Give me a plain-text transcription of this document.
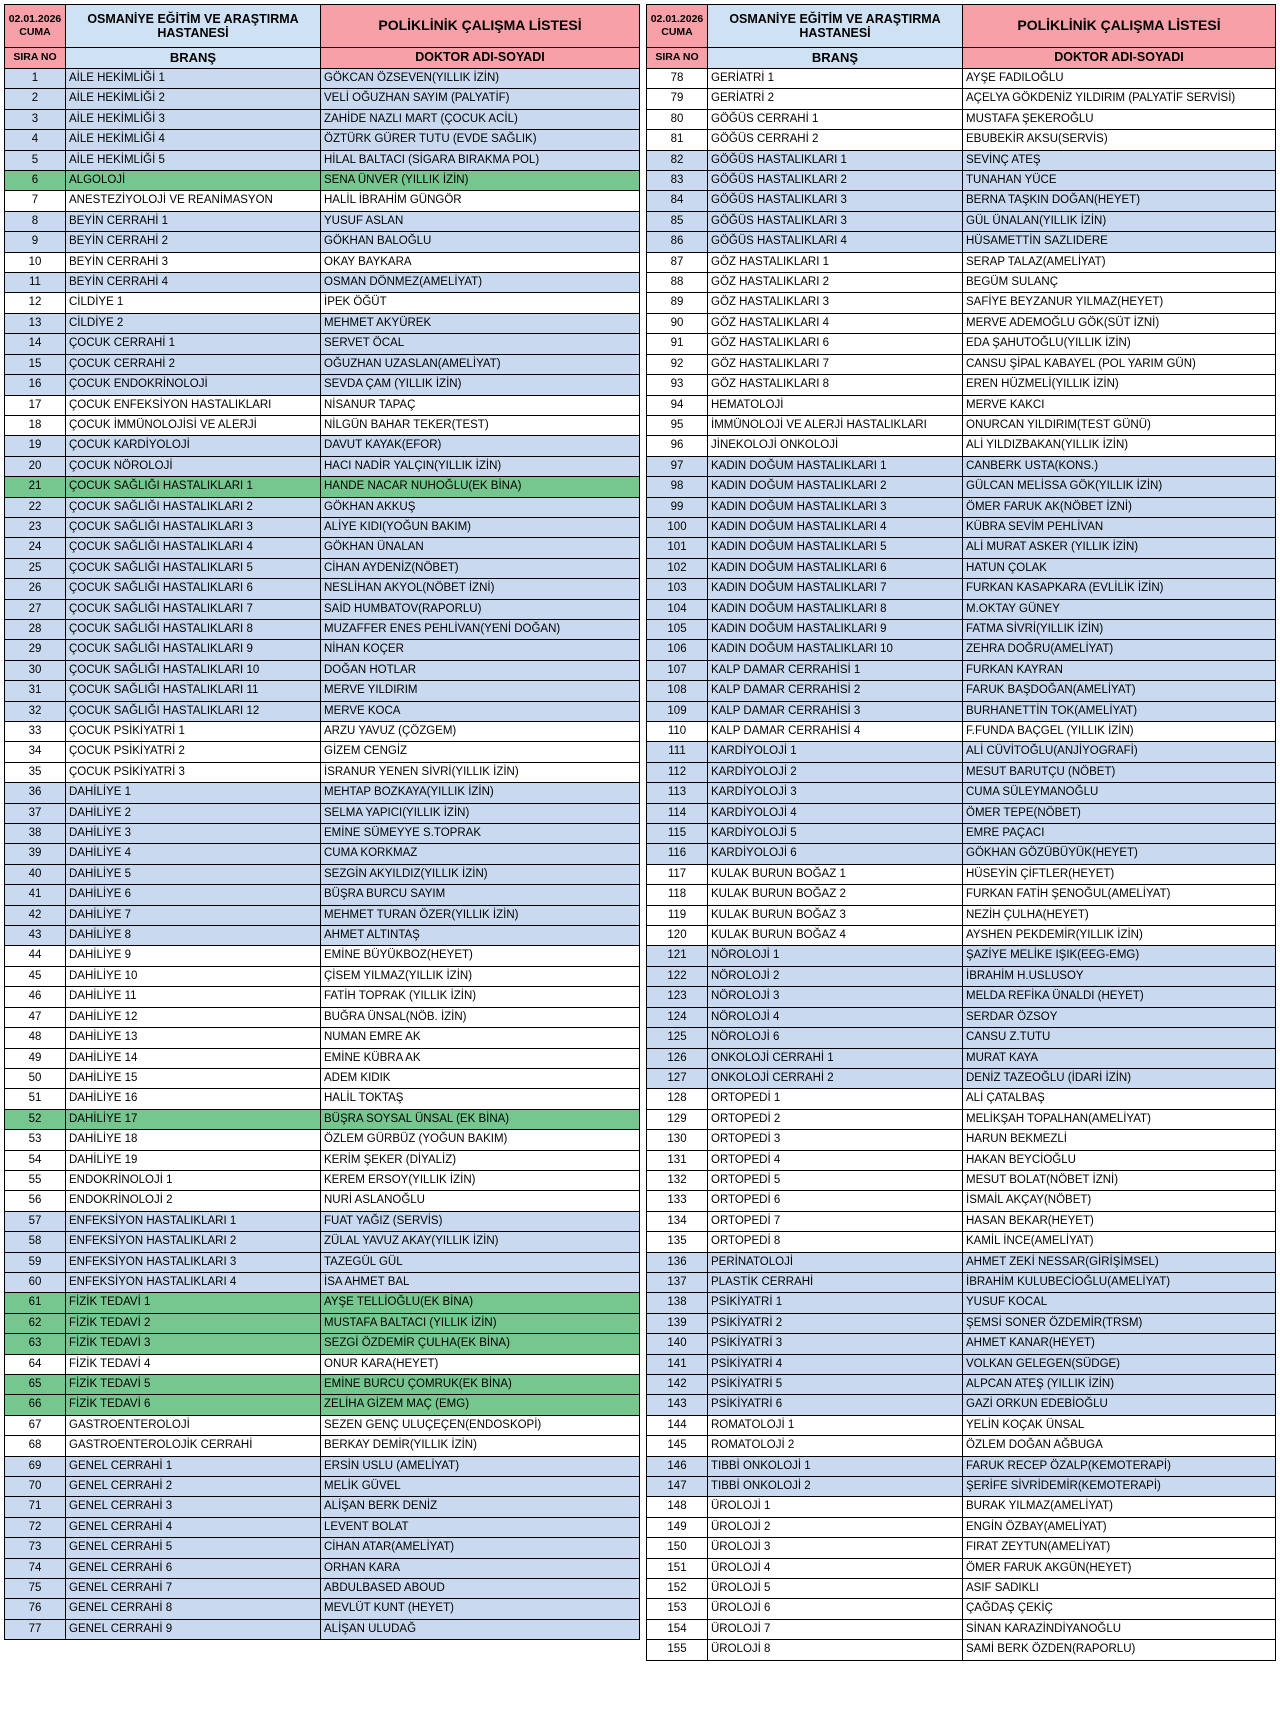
02.01.2026
CUMA	OSMANİYE EĞİTİM VE ARAŞTIRMA HASTANESİ	POLİKLİNİK ÇALIŞMA LİSTESİ
SIRA NO	BRANŞ	DOKTOR ADI-SOYADI
1	AİLE HEKİMLİĞİ 1	GÖKCAN ÖZSEVEN(YILLIK İZİN)
2	AİLE HEKİMLİĞİ 2	VELİ OĞUZHAN SAYIM (PALYATİF)
3	AİLE HEKİMLİĞİ 3	ZAHİDE NAZLI MART (ÇOCUK ACİL)
4	AİLE HEKİMLİĞİ 4	ÖZTÜRK GÜRER TUTU (EVDE SAĞLIK)
5	AİLE HEKİMLİĞİ 5	HİLAL BALTACI (SİGARA BIRAKMA POL)
6	ALGOLOJİ	SENA ÜNVER (YILLIK İZİN)
7	ANESTEZİYOLOJİ VE REANİMASYON	HALİL İBRAHİM GÜNGÖR
8	BEYİN CERRAHİ 1	YUSUF ASLAN
9	BEYİN CERRAHİ 2	GÖKHAN BALOĞLU
10	BEYİN CERRAHİ 3	OKAY BAYKARA
11	BEYİN CERRAHİ 4	OSMAN DÖNMEZ(AMELİYAT)
12	CİLDİYE 1	İPEK ÖĞÜT
13	CİLDİYE 2	MEHMET AKYÜREK
14	ÇOCUK CERRAHİ 1	SERVET ÖCAL
15	ÇOCUK CERRAHİ 2	OĞUZHAN UZASLAN(AMELİYAT)
16	ÇOCUK ENDOKRİNOLOJİ	SEVDA ÇAM (YILLIK İZİN)
17	ÇOCUK ENFEKSİYON HASTALIKLARI	NİSANUR TAPAÇ
18	ÇOCUK İMMÜNOLOJİSİ VE ALERJİ	NİLGÜN BAHAR TEKER(TEST)
19	ÇOCUK KARDİYOLOJİ	DAVUT KAYAK(EFOR)
20	ÇOCUK NÖROLOJİ	HACI NADİR YALÇIN(YILLIK İZİN)
21	ÇOCUK SAĞLIĞI HASTALIKLARI 1	HANDE NACAR NUHOĞLU(EK BİNA)
22	ÇOCUK SAĞLIĞI HASTALIKLARI 2	GÖKHAN AKKUŞ
23	ÇOCUK SAĞLIĞI HASTALIKLARI 3	ALİYE KIDI(YOĞUN BAKIM)
24	ÇOCUK SAĞLIĞI HASTALIKLARI 4	GÖKHAN ÜNALAN
25	ÇOCUK SAĞLIĞI HASTALIKLARI 5	CİHAN AYDENİZ(NÖBET)
26	ÇOCUK SAĞLIĞI HASTALIKLARI 6	NESLİHAN AKYOL(NÖBET İZNİ)
27	ÇOCUK SAĞLIĞI HASTALIKLARI 7	SAİD HUMBATOV(RAPORLU)
28	ÇOCUK SAĞLIĞI HASTALIKLARI 8	MUZAFFER ENES PEHLİVAN(YENİ DOĞAN)
29	ÇOCUK SAĞLIĞI HASTALIKLARI 9	NİHAN KOÇER
30	ÇOCUK SAĞLIĞI HASTALIKLARI 10	DOĞAN HOTLAR
31	ÇOCUK SAĞLIĞI HASTALIKLARI 11	MERVE YILDIRIM
32	ÇOCUK SAĞLIĞI HASTALIKLARI 12	MERVE KOCA
33	ÇOCUK PSİKİYATRİ 1	ARZU YAVUZ (ÇÖZGEM)
34	ÇOCUK PSİKİYATRİ 2	GİZEM CENGİZ
35	ÇOCUK PSİKİYATRİ 3	İSRANUR YENEN SİVRİ(YILLIK İZİN)
36	DAHİLİYE 1	MEHTAP BOZKAYA(YILLIK İZİN)
37	DAHİLİYE 2	SELMA YAPICI(YILLIK İZİN)
38	DAHİLİYE 3	EMİNE SÜMEYYE S.TOPRAK
39	DAHİLİYE 4	CUMA KORKMAZ
40	DAHİLİYE 5	SEZGİN AKYILDIZ(YILLIK İZİN)
41	DAHİLİYE 6	BÜŞRA BURCU SAYIM
42	DAHİLİYE 7	MEHMET TURAN ÖZER(YILLIK İZİN)
43	DAHİLİYE 8	AHMET ALTINTAŞ
44	DAHİLİYE 9	EMİNE BÜYÜKBOZ(HEYET)
45	DAHİLİYE 10	ÇİSEM YILMAZ(YILLIK İZİN)
46	DAHİLİYE 11	FATİH TOPRAK (YILLIK İZİN)
47	DAHİLİYE 12	BUĞRA ÜNSAL(NÖB. İZİN)
48	DAHİLİYE 13	NUMAN EMRE AK
49	DAHİLİYE 14	EMİNE KÜBRA AK
50	DAHİLİYE 15	ADEM KIDIK
51	DAHİLİYE 16	HALİL TOKTAŞ
52	DAHİLİYE 17	BÜŞRA SOYSAL ÜNSAL (EK BİNA)
53	DAHİLİYE 18	ÖZLEM GÜRBÜZ (YOĞUN BAKIM)
54	DAHİLİYE 19	KERİM ŞEKER (DİYALİZ)
55	ENDOKRİNOLOJİ 1	KEREM ERSOY(YILLIK İZİN)
56	ENDOKRİNOLOJİ 2	NURİ ASLANOĞLU
57	ENFEKSİYON HASTALIKLARI 1	FUAT YAĞIZ (SERVİS)
58	ENFEKSİYON HASTALIKLARI 2	ZÜLAL YAVUZ AKAY(YILLIK İZİN)
59	ENFEKSİYON HASTALIKLARI 3	TAZEGÜL GÜL
60	ENFEKSİYON HASTALIKLARI 4	İSA AHMET BAL
61	FİZİK TEDAVİ 1	AYŞE TELLİOĞLU(EK BİNA)
62	FİZİK TEDAVİ 2	MUSTAFA BALTACI (YILLIK İZİN)
63	FİZİK TEDAVİ 3	SEZGİ ÖZDEMİR ÇULHA(EK BİNA)
64	FİZİK TEDAVİ 4	ONUR KARA(HEYET)
65	FİZİK TEDAVİ 5	EMİNE BURCU ÇOMRUK(EK BİNA)
66	FİZİK TEDAVİ 6	ZELİHA GİZEM MAÇ (EMG)
67	GASTROENTEROLOJİ	SEZEN GENÇ ULUÇEÇEN(ENDOSKOPİ)
68	GASTROENTEROLOJİK CERRAHİ	BERKAY DEMİR(YILLIK İZİN)
69	GENEL CERRAHİ 1	ERSİN USLU (AMELİYAT)
70	GENEL CERRAHİ 2	MELİK GÜVEL
71	GENEL CERRAHİ 3	ALİŞAN BERK DENİZ
72	GENEL CERRAHİ 4	LEVENT BOLAT
73	GENEL CERRAHİ 5	CİHAN ATAR(AMELİYAT)
74	GENEL CERRAHİ 6	ORHAN KARA
75	GENEL CERRAHİ 7	ABDULBASED ABOUD
76	GENEL CERRAHİ 8	MEVLÜT KUNT (HEYET)
77	GENEL CERRAHİ 9	ALİŞAN ULUDAĞ

02.01.2026
CUMA	OSMANİYE EĞİTİM VE ARAŞTIRMA HASTANESİ	POLİKLİNİK ÇALIŞMA LİSTESİ
SIRA NO	BRANŞ	DOKTOR ADI-SOYADI
78	GERİATRİ 1	AYŞE FADILOĞLU
79	GERİATRİ 2	AÇELYA GÖKDENİZ YILDIRIM (PALYATİF SERVİSİ)
80	GÖĞÜS CERRAHİ 1	MUSTAFA ŞEKEROĞLU
81	GÖĞÜS CERRAHİ 2	EBUBEKİR AKSU(SERVİS)
82	GÖĞÜS HASTALIKLARI 1	SEVİNÇ ATEŞ
83	GÖĞÜS HASTALIKLARI 2	TUNAHAN YÜCE
84	GÖĞÜS HASTALIKLARI 3	BERNA TAŞKIN DOĞAN(HEYET)
85	GÖĞÜS HASTALIKLARI 3	GÜL ÜNALAN(YILLIK İZİN)
86	GÖĞÜS HASTALIKLARI 4	HÜSAMETTİN SAZLIDERE
87	GÖZ HASTALIKLARI 1	SERAP TALAZ(AMELİYAT)
88	GÖZ HASTALIKLARI 2	BEGÜM SULANÇ
89	GÖZ HASTALIKLARI 3	SAFİYE BEYZANUR YILMAZ(HEYET)
90	GÖZ HASTALIKLARI 4	MERVE ADEMOĞLU GÖK(SÜT İZNİ)
91	GÖZ HASTALIKLARI 6	EDA ŞAHUTOĞLU(YILLIK İZİN)
92	GÖZ HASTALIKLARI 7	CANSU ŞİPAL KABAYEL (POL YARIM GÜN)
93	GÖZ HASTALIKLARI 8	EREN HÜZMELİ(YILLIK İZİN)
94	HEMATOLOJİ	MERVE KAKCI
95	İMMÜNOLOJİ VE ALERJİ HASTALIKLARI	ONURCAN YILDIRIM(TEST GÜNÜ)
96	JİNEKOLOJİ ONKOLOJİ	ALİ YILDIZBAKAN(YILLIK İZİN)
97	KADIN DOĞUM HASTALIKLARI 1	CANBERK USTA(KONS.)
98	KADIN DOĞUM HASTALIKLARI 2	GÜLCAN MELİSSA GÖK(YILLIK İZİN)
99	KADIN DOĞUM HASTALIKLARI 3	ÖMER FARUK AK(NÖBET İZNİ)
100	KADIN DOĞUM HASTALIKLARI 4	KÜBRA SEVİM PEHLİVAN
101	KADIN DOĞUM HASTALIKLARI 5	ALİ MURAT ASKER (YILLIK İZİN)
102	KADIN DOĞUM HASTALIKLARI 6	HATUN ÇOLAK
103	KADIN DOĞUM HASTALIKLARI 7	FURKAN KASAPKARA (EVLİLİK İZİN)
104	KADIN DOĞUM HASTALIKLARI 8	M.OKTAY GÜNEY
105	KADIN DOĞUM HASTALIKLARI 9	FATMA SİVRİ(YILLIK İZİN)
106	KADIN DOĞUM HASTALIKLARI 10	ZEHRA DOĞRU(AMELİYAT)
107	KALP DAMAR CERRAHİSİ 1	FURKAN KAYRAN
108	KALP DAMAR CERRAHİSİ 2	FARUK BAŞDOĞAN(AMELİYAT)
109	KALP DAMAR CERRAHİSİ 3	BURHANETTİN TOK(AMELİYAT)
110	KALP DAMAR CERRAHİSİ 4	F.FUNDA BAÇGEL (YILLIK İZİN)
111	KARDİYOLOJİ 1	ALİ CÜVİTOĞLU(ANJİYOGRAFİ)
112	KARDİYOLOJİ 2	MESUT BARUTÇU (NÖBET)
113	KARDİYOLOJİ 3	CUMA SÜLEYMANOĞLU
114	KARDİYOLOJİ 4	ÖMER TEPE(NÖBET)
115	KARDİYOLOJİ 5	EMRE PAÇACI
116	KARDİYOLOJİ 6	GÖKHAN GÖZÜBÜYÜK(HEYET)
117	KULAK BURUN BOĞAZ 1	HÜSEYİN ÇİFTLER(HEYET)
118	KULAK BURUN BOĞAZ 2	FURKAN FATİH ŞENOĞUL(AMELİYAT)
119	KULAK BURUN BOĞAZ 3	NEZİH ÇULHA(HEYET)
120	KULAK BURUN BOĞAZ 4	AYSHEN PEKDEMİR(YILLIK İZİN)
121	NÖROLOJİ 1	ŞAZİYE MELİKE IŞIK(EEG-EMG)
122	NÖROLOJİ 2	İBRAHİM H.USLUSOY
123	NÖROLOJİ 3	MELDA REFİKA ÜNALDI (HEYET)
124	NÖROLOJİ 4	SERDAR ÖZSOY
125	NÖROLOJİ 6	CANSU Z.TUTU
126	ONKOLOJİ CERRAHİ 1	MURAT KAYA
127	ONKOLOJİ CERRAHİ 2	DENİZ TAZEOĞLU (İDARİ İZİN)
128	ORTOPEDİ 1	ALİ ÇATALBAŞ
129	ORTOPEDİ 2	MELİKŞAH TOPALHAN(AMELİYAT)
130	ORTOPEDİ 3	HARUN BEKMEZLİ
131	ORTOPEDİ 4	HAKAN BEYCİOĞLU
132	ORTOPEDİ 5	MESUT BOLAT(NÖBET İZNİ)
133	ORTOPEDİ 6	İSMAİL AKÇAY(NÖBET)
134	ORTOPEDİ 7	HASAN BEKAR(HEYET)
135	ORTOPEDİ 8	KAMİL İNCE(AMELİYAT)
136	PERİNATOLOJİ	AHMET ZEKİ NESSAR(GİRİŞİMSEL)
137	PLASTİK CERRAHİ	İBRAHİM KULUBECİOĞLU(AMELİYAT)
138	PSİKİYATRİ 1	YUSUF KOCAL
139	PSİKİYATRİ 2	ŞEMSİ SONER ÖZDEMİR(TRSM)
140	PSİKİYATRİ 3	AHMET KANAR(HEYET)
141	PSİKİYATRİ 4	VOLKAN GELEGEN(SÜDGE)
142	PSİKİYATRİ 5	ALPCAN ATEŞ (YILLIK İZİN)
143	PSİKİYATRİ 6	GAZİ ORKUN EDEBİOĞLU
144	ROMATOLOJİ 1	YELİN KOÇAK ÜNSAL
145	ROMATOLOJİ 2	ÖZLEM DOĞAN AĞBUGA
146	TIBBİ ONKOLOJİ 1	FARUK RECEP ÖZALP(KEMOTERAPİ)
147	TIBBİ ONKOLOJİ 2	ŞERİFE SİVRİDEMİR(KEMOTERAPİ)
148	ÜROLOJİ 1	BURAK YILMAZ(AMELİYAT)
149	ÜROLOJİ 2	ENGİN ÖZBAY(AMELİYAT)
150	ÜROLOJİ 3	FIRAT ZEYTUN(AMELİYAT)
151	ÜROLOJİ 4	ÖMER FARUK AKGÜN(HEYET)
152	ÜROLOJİ 5	ASIF SADIKLI
153	ÜROLOJİ 6	ÇAĞDAŞ ÇEKİÇ
154	ÜROLOJİ 7	SİNAN KARAZİNDİYANOĞLU
155	ÜROLOJİ 8	SAMİ BERK ÖZDEN(RAPORLU)
